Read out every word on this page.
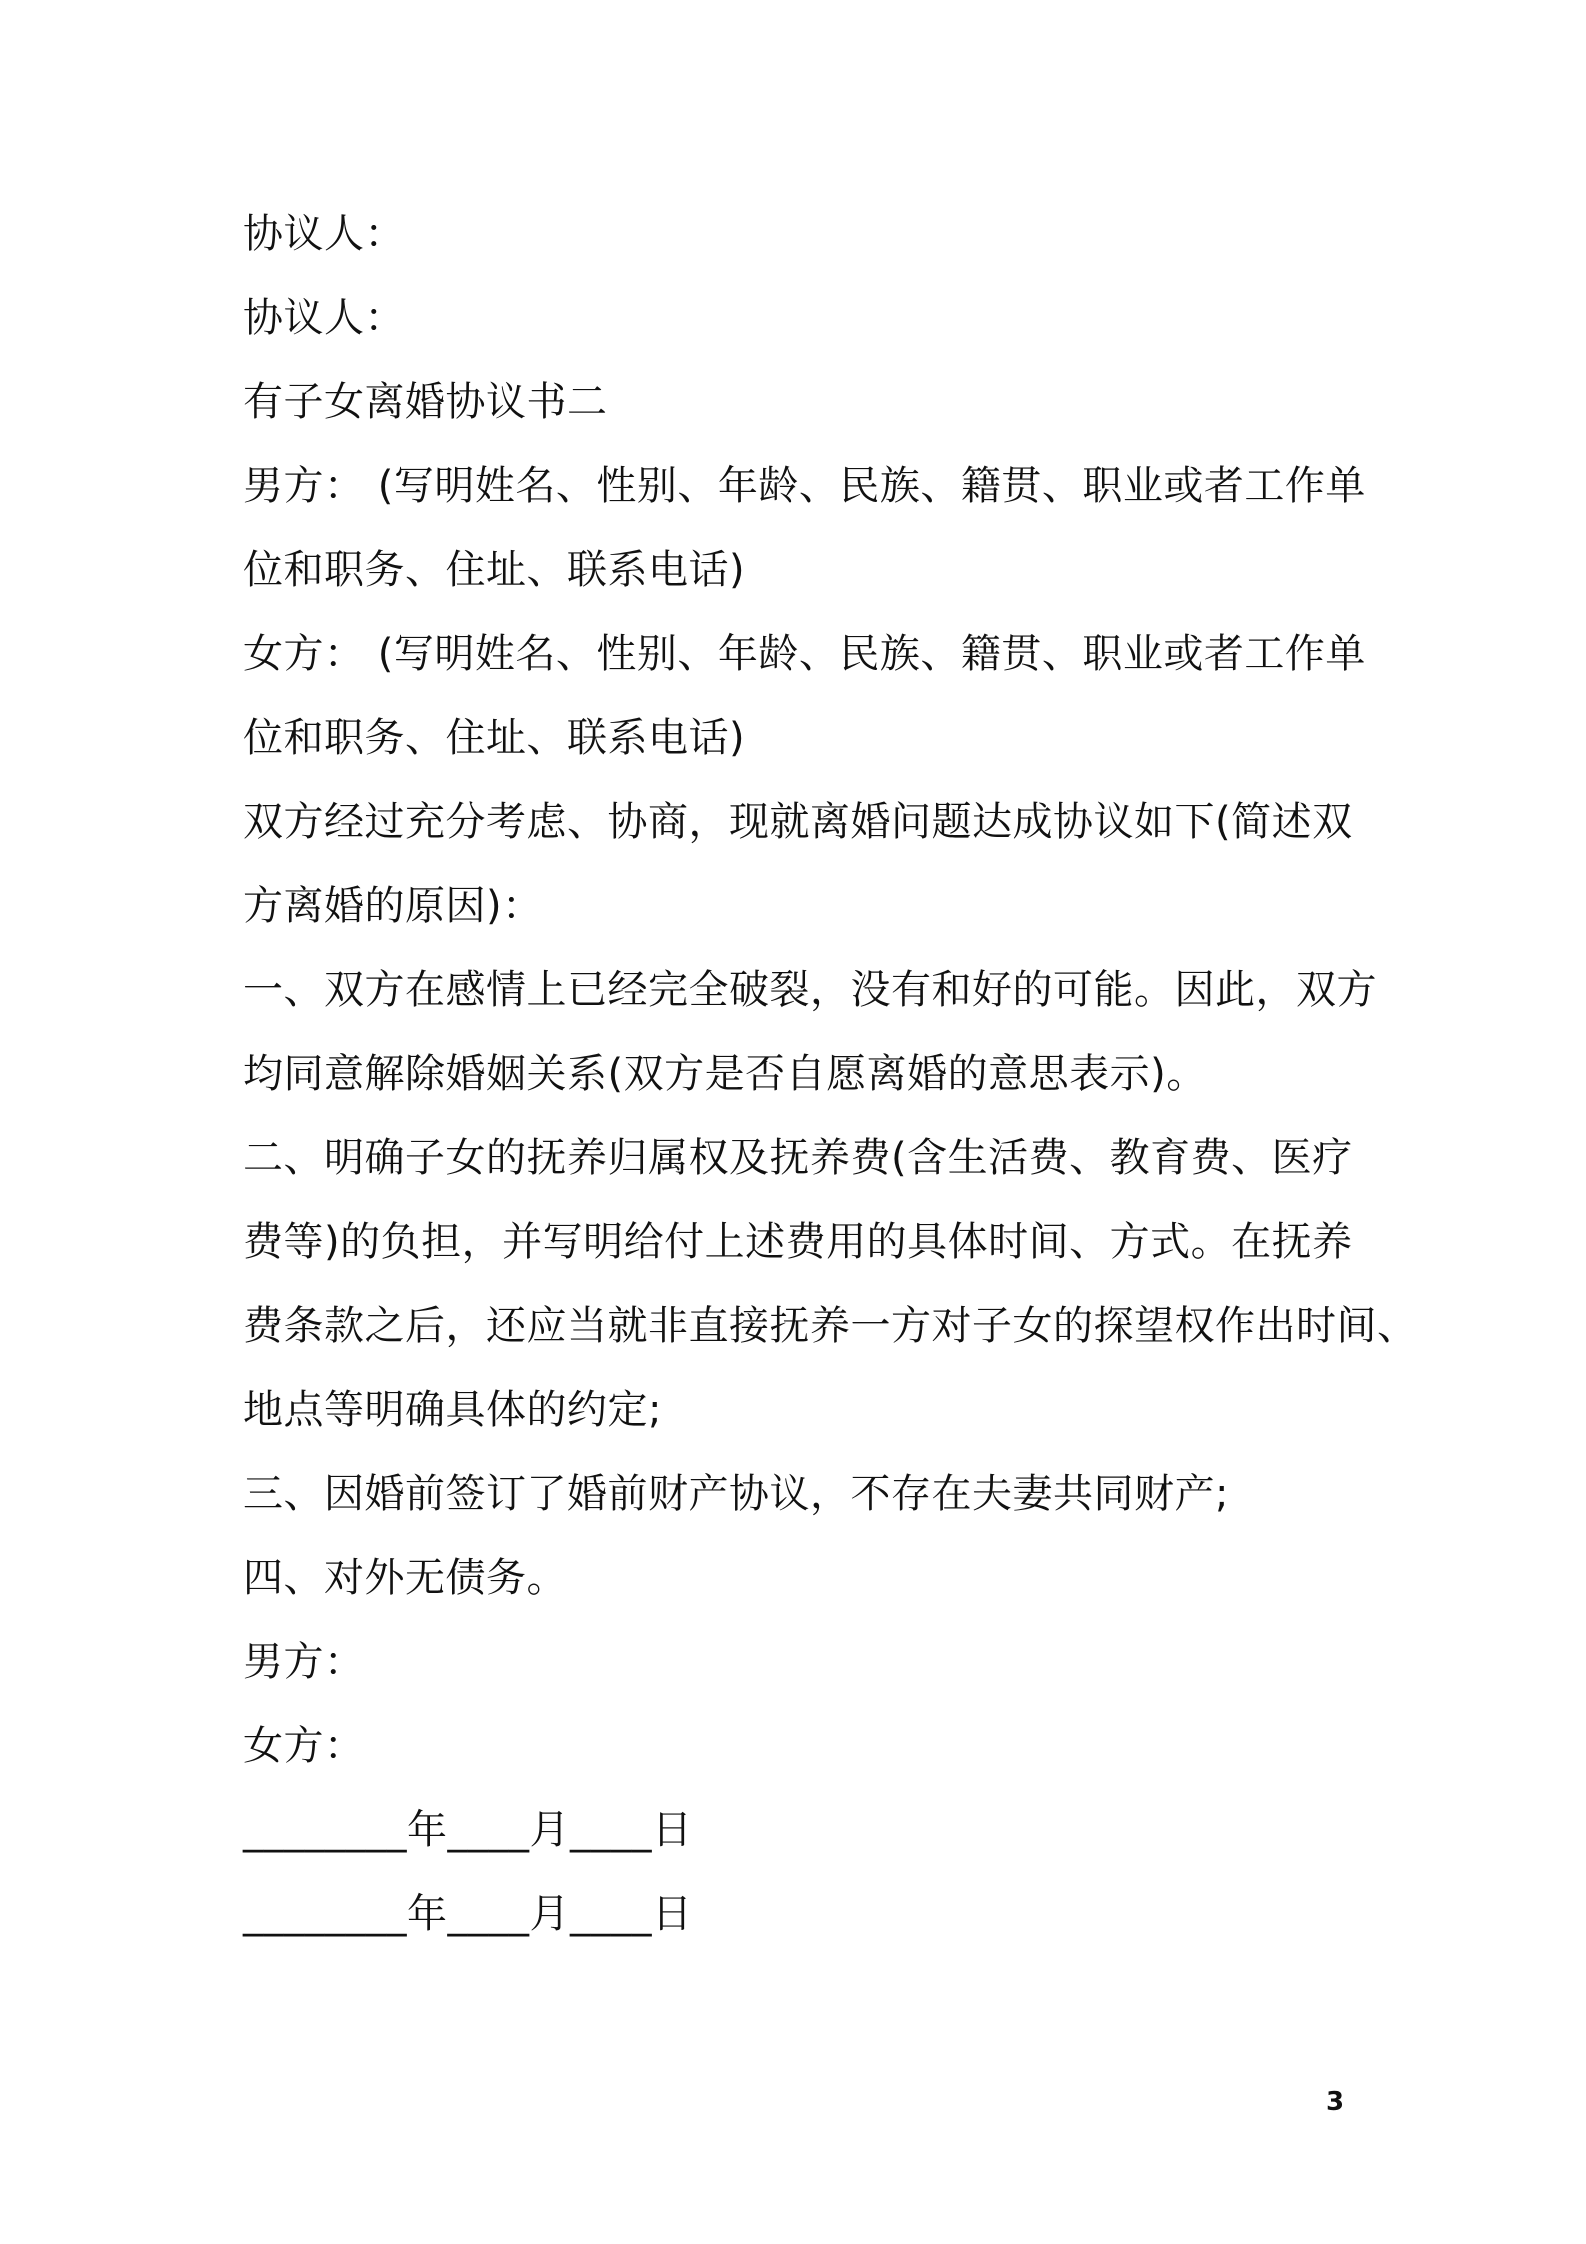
协议人：
协议人：
有子女离婚协议书二
男方： (写明姓名、性别、年龄、民族、籍贯、职业或者工作单
位和职务、住址、联系电话)
女方： (写明姓名、性别、年龄、民族、籍贯、职业或者工作单
位和职务、住址、联系电话)
双方经过充分考虑、协商，现就离婚问题达成协议如下(简述双
方离婚的原因)：
一、双方在感情上已经完全破裂，没有和好的可能。因此，双方
均同意解除婚姻关系(双方是否自愿离婚的意思表示)。
二、明确子女的抚养归属权及抚养费(含生活费、教育费、医疗
费等)的负担，并写明给付上述费用的具体时间、方式。在抚养
费条款之后，还应当就非直接抚养一方对子女的探望权作出时间、
地点等明确具体的约定;
三、因婚前签订了婚前财产协议，不存在夫妻共同财产;
四、对外无债务。
男方：
女方：
________年____月____日
________年____月____日
3
